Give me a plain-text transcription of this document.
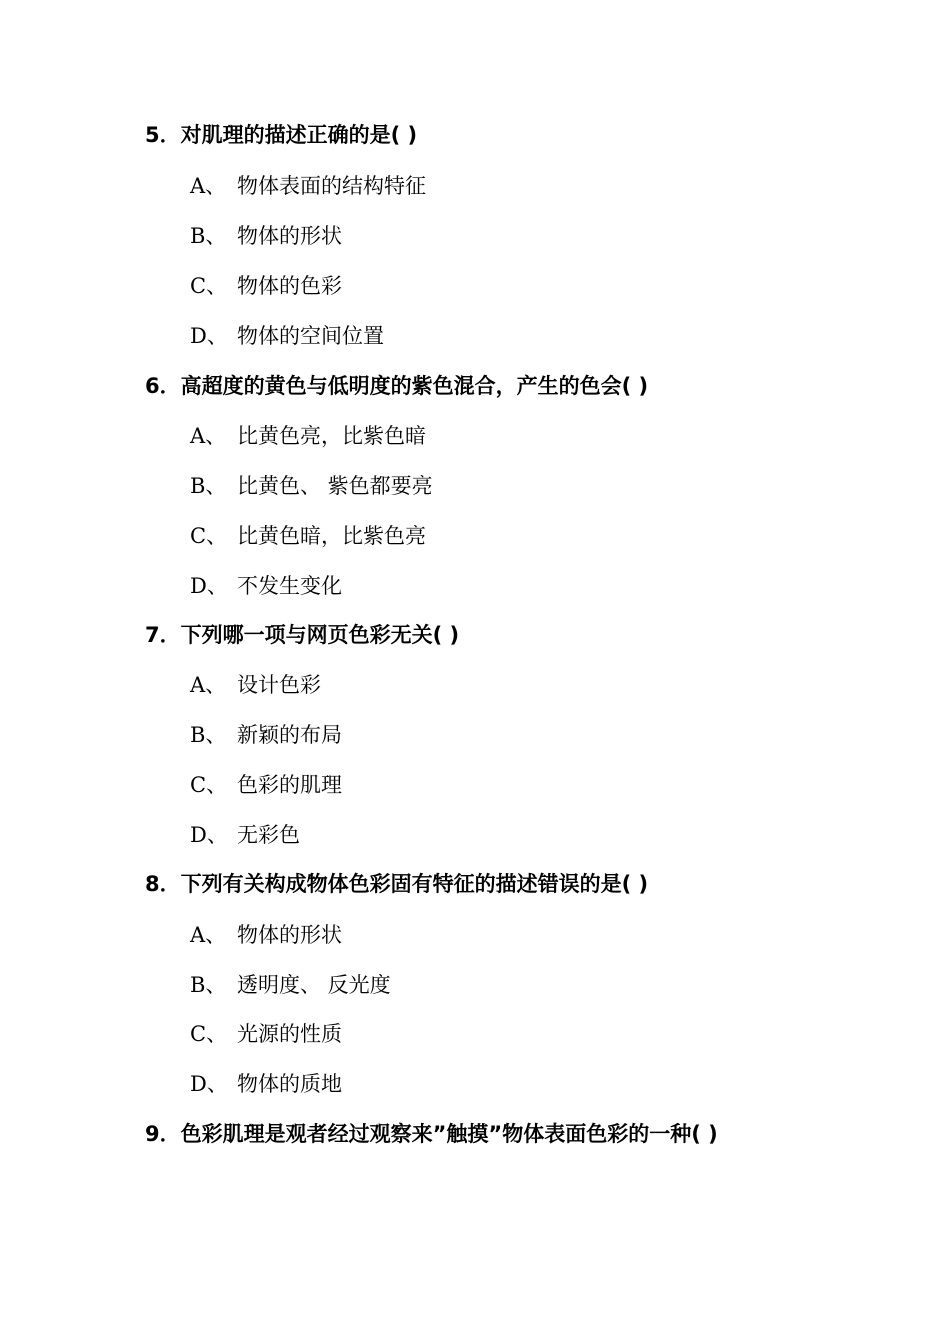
5．对肌理的描述正确的是( )
A、 物体表面的结构特征
B、 物体的形状
C、 物体的色彩
D、 物体的空间位置
6．高超度的黄色与低明度的紫色混合，产生的色会( )
A、 比黄色亮，比紫色暗
B、 比黄色、 紫色都要亮
C、 比黄色暗，比紫色亮
D、 不发生变化
7．下列哪一项与网页色彩无关( )
A、 设计色彩
B、 新颖的布局
C、 色彩的肌理
D、 无彩色
8．下列有关构成物体色彩固有特征的描述错误的是( )
A、 物体的形状
B、 透明度、 反光度
C、 光源的性质
D、 物体的质地
9．色彩肌理是观者经过观察来”触摸”物体表面色彩的一种( )
